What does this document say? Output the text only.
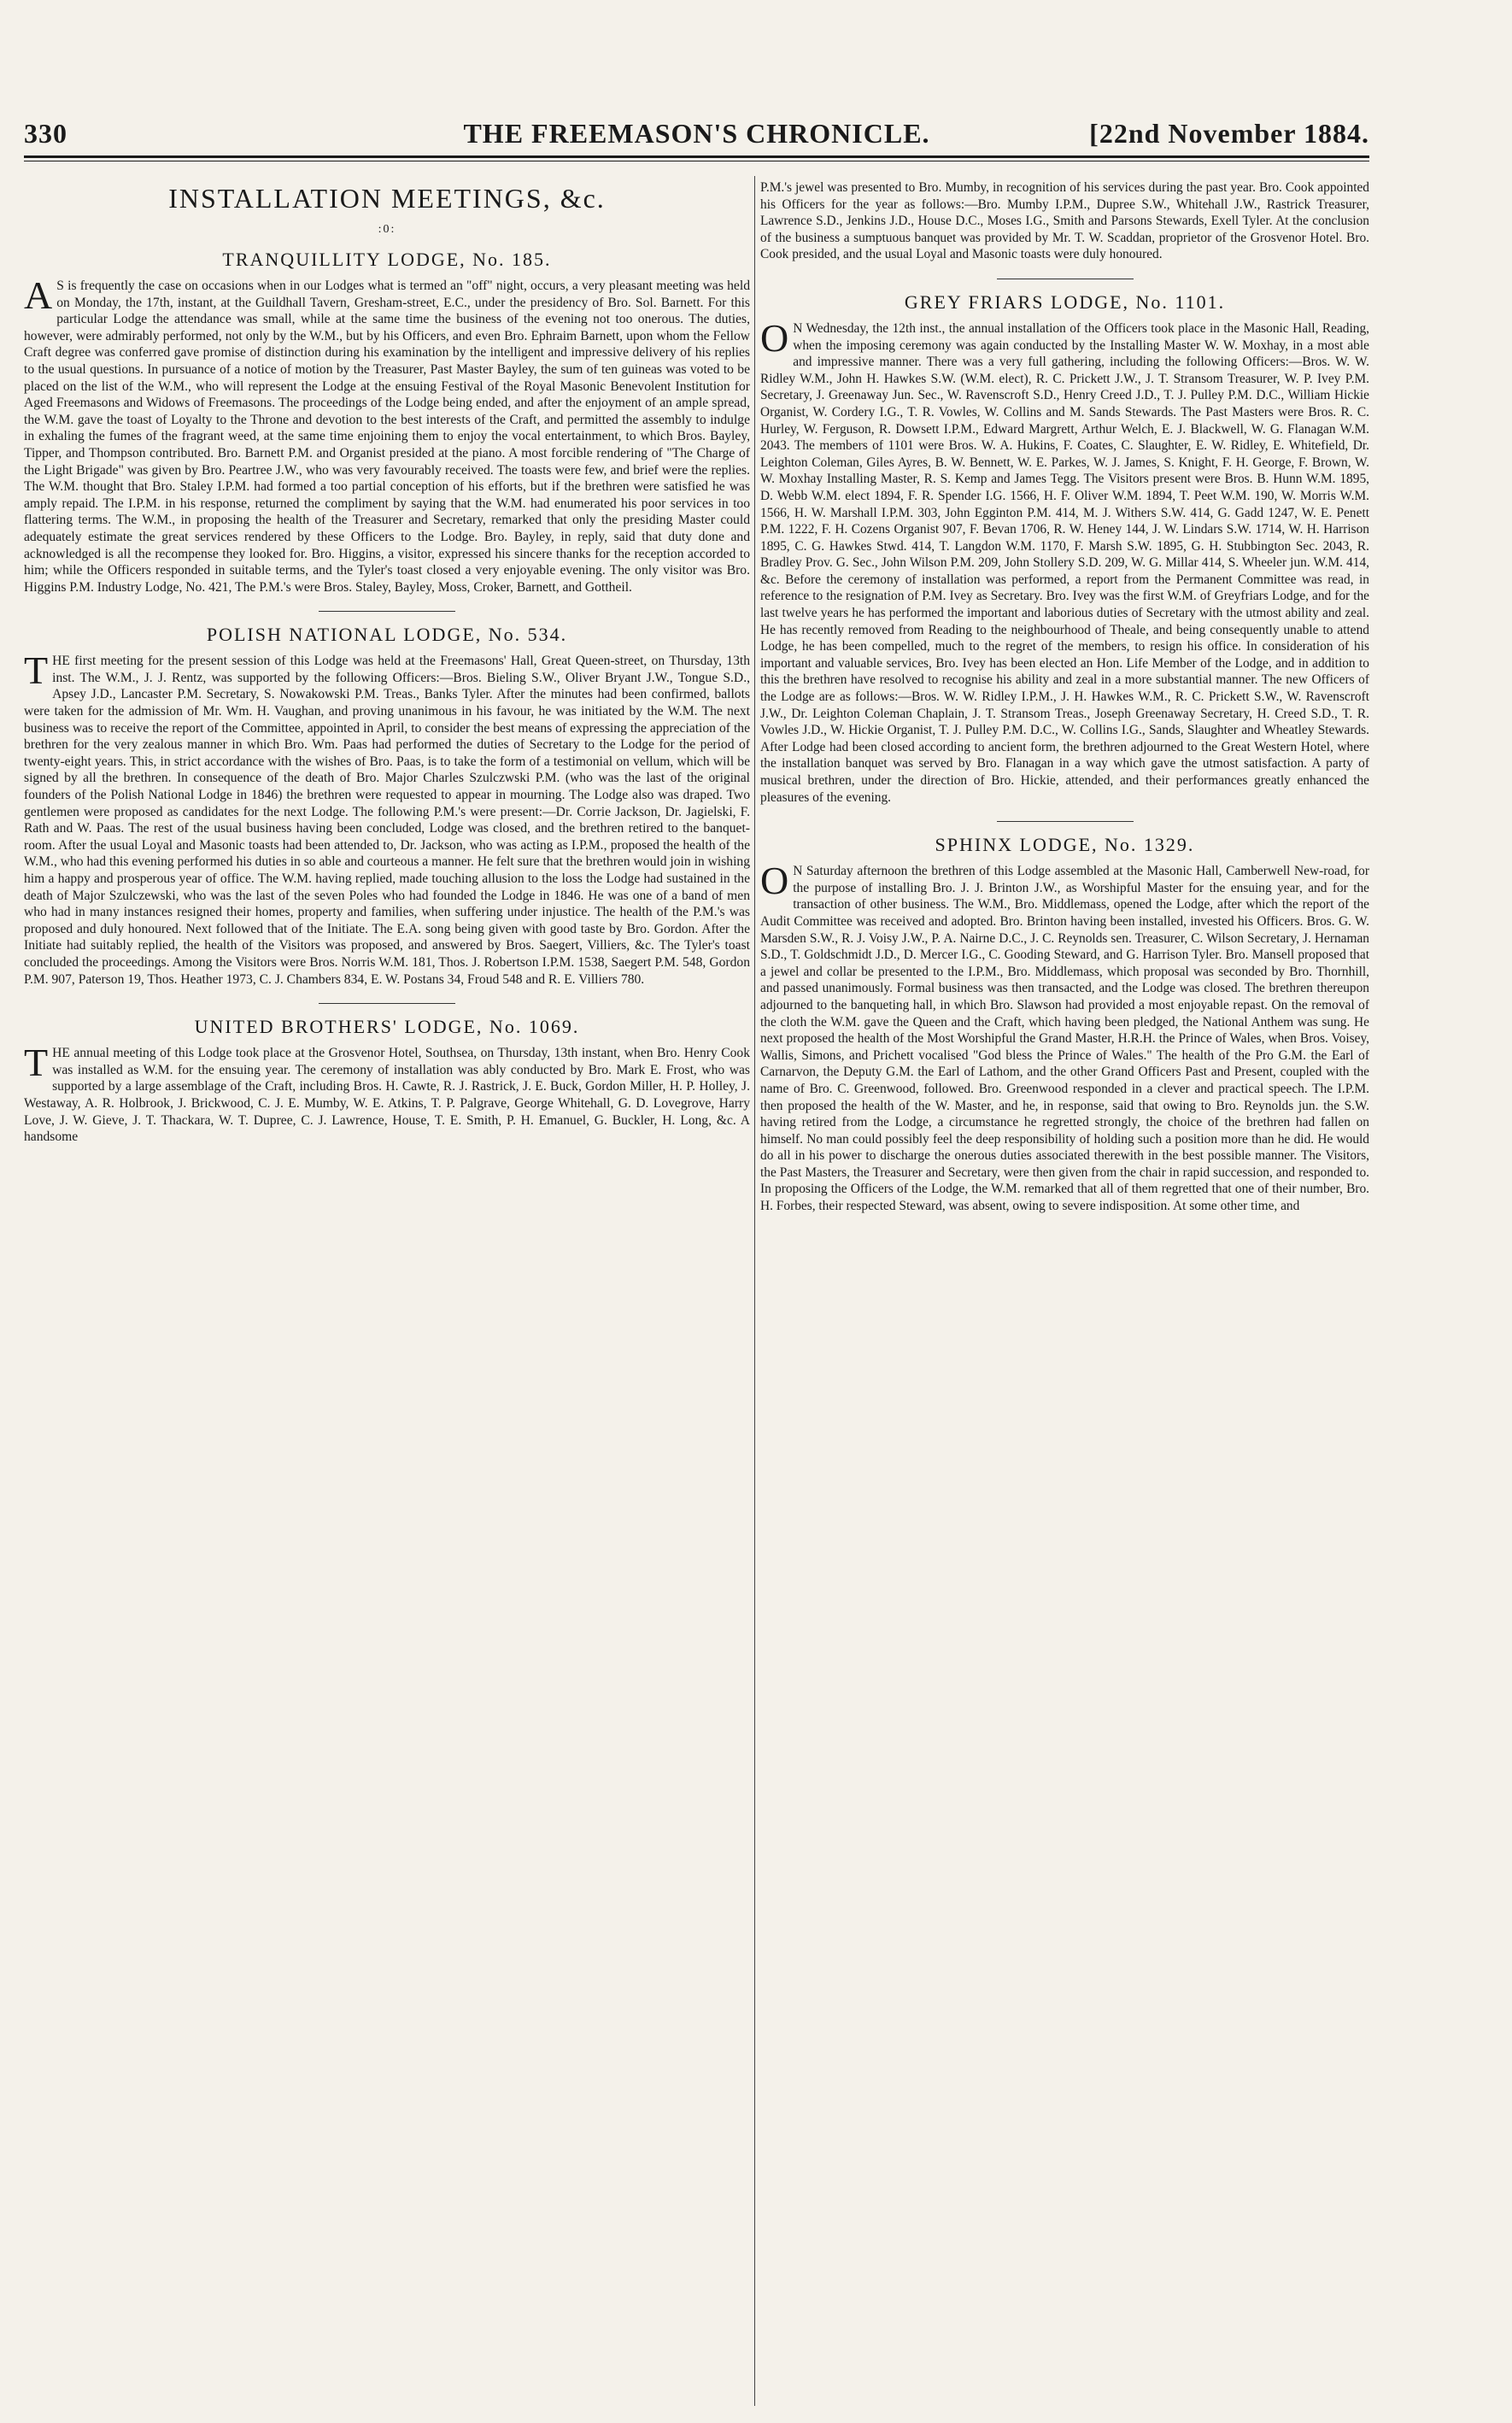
330	THE FREEMASON'S CHRONICLE.	[22nd November 1884.
INSTALLATION MEETINGS, &c.
:0:
TRANQUILLITY LODGE, No. 185.

AS is frequently the case on occasions when in our Lodges what is termed an "off" night, occurs, a very pleasant meeting was held on Monday, the 17th, instant, at the Guildhall Tavern, Gresham-street, E.C., under the presidency of Bro. Sol. Barnett. For this particular Lodge the attendance was small, while at the same time the business of the evening not too onerous. The duties, however, were admirably performed, not only by the W.M., but by his Officers, and even Bro. Ephraim Barnett, upon whom the Fellow Craft degree was conferred gave promise of distinction during his examination by the intelligent and impressive delivery of his replies to the usual questions. In pursuance of a notice of motion by the Treasurer, Past Master Bayley, the sum of ten guineas was voted to be placed on the list of the W.M., who will represent the Lodge at the ensuing Festival of the Royal Masonic Benevolent Institution for Aged Freemasons and Widows of Freemasons. The proceedings of the Lodge being ended, and after the enjoyment of an ample spread, the W.M. gave the toast of Loyalty to the Throne and devotion to the best interests of the Craft, and permitted the assembly to indulge in exhaling the fumes of the fragrant weed, at the same time enjoining them to enjoy the vocal entertainment, to which Bros. Bayley, Tipper, and Thompson contributed. Bro. Barnett P.M. and Organist presided at the piano. A most forcible rendering of "The Charge of the Light Brigade" was given by Bro. Peartree J.W., who was very favourably received. The toasts were few, and brief were the replies. The W.M. thought that Bro. Staley I.P.M. had formed a too partial conception of his efforts, but if the brethren were satisfied he was amply repaid. The I.P.M. in his response, returned the compliment by saying that the W.M. had enumerated his poor services in too flattering terms. The W.M., in proposing the health of the Treasurer and Secretary, remarked that only the presiding Master could adequately estimate the great services rendered by these Officers to the Lodge. Bro. Bayley, in reply, said that duty done and acknowledged is all the recompense they looked for. Bro. Higgins, a visitor, expressed his sincere thanks for the reception accorded to him; while the Officers responded in suitable terms, and the Tyler's toast closed a very enjoyable evening. The only visitor was Bro. Higgins P.M. Industry Lodge, No. 421, The P.M.'s were Bros. Staley, Bayley, Moss, Croker, Barnett, and Gottheil.

POLISH NATIONAL LODGE, No. 534.

THE first meeting for the present session of this Lodge was held at the Freemasons' Hall, Great Queen-street, on Thursday, 13th inst. The W.M., J. J. Rentz, was supported by the following Officers:—Bros. Bieling S.W., Oliver Bryant J.W., Tongue S.D., Apsey J.D., Lancaster P.M. Secretary, S. Nowakowski P.M. Treas., Banks Tyler. After the minutes had been confirmed, ballots were taken for the admission of Mr. Wm. H. Vaughan, and proving unanimous in his favour, he was initiated by the W.M. The next business was to receive the report of the Committee, appointed in April, to consider the best means of expressing the appreciation of the brethren for the very zealous manner in which Bro. Wm. Paas had performed the duties of Secretary to the Lodge for the period of twenty-eight years. This, in strict accordance with the wishes of Bro. Paas, is to take the form of a testimonial on vellum, which will be signed by all the brethren. In consequence of the death of Bro. Major Charles Szulczwski P.M. (who was the last of the original founders of the Polish National Lodge in 1846) the brethren were requested to appear in mourning. The Lodge also was draped. Two gentlemen were proposed as candidates for the next Lodge. The following P.M.'s were present:—Dr. Corrie Jackson, Dr. Jagielski, F. Rath and W. Paas. The rest of the usual business having been concluded, Lodge was closed, and the brethren retired to the banquet-room. After the usual Loyal and Masonic toasts had been attended to, Dr. Jackson, who was acting as I.P.M., proposed the health of the W.M., who had this evening performed his duties in so able and courteous a manner. He felt sure that the brethren would join in wishing him a happy and prosperous year of office. The W.M. having replied, made touching allusion to the loss the Lodge had sustained in the death of Major Szulczewski, who was the last of the seven Poles who had founded the Lodge in 1846. He was one of a band of men who had in many instances resigned their homes, property and families, when suffering under injustice. The health of the P.M.'s was proposed and duly honoured. Next followed that of the Initiate. The E.A. song being given with good taste by Bro. Gordon. After the Initiate had suitably replied, the health of the Visitors was proposed, and answered by Bros. Saegert, Villiers, &c. The Tyler's toast concluded the proceedings. Among the Visitors were Bros. Norris W.M. 181, Thos. J. Robertson I.P.M. 1538, Saegert P.M. 548, Gordon P.M. 907, Paterson 19, Thos. Heather 1973, C. J. Chambers 834, E. W. Postans 34, Froud 548 and R. E. Villiers 780.

UNITED BROTHERS' LODGE, No. 1069.

THE annual meeting of this Lodge took place at the Grosvenor Hotel, Southsea, on Thursday, 13th instant, when Bro. Henry Cook was installed as W.M. for the ensuing year. The ceremony of installation was ably conducted by Bro. Mark E. Frost, who was supported by a large assemblage of the Craft, including Bros. H. Cawte, R. J. Rastrick, J. E. Buck, Gordon Miller, H. P. Holley, J. Westaway, A. R. Holbrook, J. Brickwood, C. J. E. Mumby, W. E. Atkins, T. P. Palgrave, George Whitehall, G. D. Lovegrove, Harry Love, J. W. Gieve, J. T. Thackara, W. T. Dupree, C. J. Lawrence, House, T. E. Smith, P. H. Emanuel, G. Buckler, H. Long, &c. A handsome

P.M.'s jewel was presented to Bro. Mumby, in recognition of his services during the past year. Bro. Cook appointed his Officers for the year as follows:—Bro. Mumby I.P.M., Dupree S.W., Whitehall J.W., Rastrick Treasurer, Lawrence S.D., Jenkins J.D., House D.C., Moses I.G., Smith and Parsons Stewards, Exell Tyler. At the conclusion of the business a sumptuous banquet was provided by Mr. T. W. Scaddan, proprietor of the Grosvenor Hotel. Bro. Cook presided, and the usual Loyal and Masonic toasts were duly honoured.

GREY FRIARS LODGE, No. 1101.

ON Wednesday, the 12th inst., the annual installation of the Officers took place in the Masonic Hall, Reading, when the imposing ceremony was again conducted by the Installing Master W. W. Moxhay, in a most able and impressive manner. There was a very full gathering, including the following Officers:—Bros. W. W. Ridley W.M., John H. Hawkes S.W. (W.M. elect), R. C. Prickett J.W., J. T. Stransom Treasurer, W. P. Ivey P.M. Secretary, J. Greenaway Jun. Sec., W. Ravenscroft S.D., Henry Creed J.D., T. J. Pulley P.M. D.C., William Hickie Organist, W. Cordery I.G., T. R. Vowles, W. Collins and M. Sands Stewards. The Past Masters were Bros. R. C. Hurley, W. Ferguson, R. Dowsett I.P.M., Edward Margrett, Arthur Welch, E. J. Blackwell, W. G. Flanagan W.M. 2043. The members of 1101 were Bros. W. A. Hukins, F. Coates, C. Slaughter, E. W. Ridley, E. Whitefield, Dr. Leighton Coleman, Giles Ayres, B. W. Bennett, W. E. Parkes, W. J. James, S. Knight, F. H. George, F. Brown, W. W. Moxhay Installing Master, R. S. Kemp and James Tegg. The Visitors present were Bros. B. Hunn W.M. 1895, D. Webb W.M. elect 1894, F. R. Spender I.G. 1566, H. F. Oliver W.M. 1894, T. Peet W.M. 190, W. Morris W.M. 1566, H. W. Marshall I.P.M. 303, John Egginton P.M. 414, M. J. Withers S.W. 414, G. Gadd 1247, W. E. Penett P.M. 1222, F. H. Cozens Organist 907, F. Bevan 1706, R. W. Heney 144, J. W. Lindars S.W. 1714, W. H. Harrison 1895, C. G. Hawkes Stwd. 414, T. Langdon W.M. 1170, F. Marsh S.W. 1895, G. H. Stubbington Sec. 2043, R. Bradley Prov. G. Sec., John Wilson P.M. 209, John Stollery S.D. 209, W. G. Millar 414, S. Wheeler jun. W.M. 414, &c. Before the ceremony of installation was performed, a report from the Permanent Committee was read, in reference to the resignation of P.M. Ivey as Secretary. Bro. Ivey was the first W.M. of Greyfriars Lodge, and for the last twelve years he has performed the important and laborious duties of Secretary with the utmost ability and zeal. He has recently removed from Reading to the neighbourhood of Theale, and being consequently unable to attend Lodge, he has been compelled, much to the regret of the members, to resign his office. In consideration of his important and valuable services, Bro. Ivey has been elected an Hon. Life Member of the Lodge, and in addition to this the brethren have resolved to recognise his ability and zeal in a more substantial manner. The new Officers of the Lodge are as follows:—Bros. W. W. Ridley I.P.M., J. H. Hawkes W.M., R. C. Prickett S.W., W. Ravenscroft J.W., Dr. Leighton Coleman Chaplain, J. T. Stransom Treas., Joseph Greenaway Secretary, H. Creed S.D., T. R. Vowles J.D., W. Hickie Organist, T. J. Pulley P.M. D.C., W. Collins I.G., Sands, Slaughter and Wheatley Stewards. After Lodge had been closed according to ancient form, the brethren adjourned to the Great Western Hotel, where the installation banquet was served by Bro. Flanagan in a way which gave the utmost satisfaction. A party of musical brethren, under the direction of Bro. Hickie, attended, and their performances greatly enhanced the pleasures of the evening.

SPHINX LODGE, No. 1329.

ON Saturday afternoon the brethren of this Lodge assembled at the Masonic Hall, Camberwell New-road, for the purpose of installing Bro. J. J. Brinton J.W., as Worshipful Master for the ensuing year, and for the transaction of other business. The W.M., Bro. Middlemass, opened the Lodge, after which the report of the Audit Committee was received and adopted. Bro. Brinton having been installed, invested his Officers. Bros. G. W. Marsden S.W., R. J. Voisy J.W., P. A. Nairne D.C., J. C. Reynolds sen. Treasurer, C. Wilson Secretary, J. Hernaman S.D., T. Goldschmidt J.D., D. Mercer I.G., C. Gooding Steward, and G. Harrison Tyler. Bro. Mansell proposed that a jewel and collar be presented to the I.P.M., Bro. Middlemass, which proposal was seconded by Bro. Thornhill, and passed unanimously. Formal business was then transacted, and the Lodge was closed. The brethren thereupon adjourned to the banqueting hall, in which Bro. Slawson had provided a most enjoyable repast. On the removal of the cloth the W.M. gave the Queen and the Craft, which having been pledged, the National Anthem was sung. He next proposed the health of the Most Worshipful the Grand Master, H.R.H. the Prince of Wales, when Bros. Voisey, Wallis, Simons, and Prichett vocalised "God bless the Prince of Wales." The health of the Pro G.M. the Earl of Carnarvon, the Deputy G.M. the Earl of Lathom, and the other Grand Officers Past and Present, coupled with the name of Bro. C. Greenwood, followed. Bro. Greenwood responded in a clever and practical speech. The I.P.M. then proposed the health of the W. Master, and he, in response, said that owing to Bro. Reynolds jun. the S.W. having retired from the Lodge, a circumstance he regretted strongly, the choice of the brethren had fallen on himself. No man could possibly feel the deep responsibility of holding such a position more than he did. He would do all in his power to discharge the onerous duties associated therewith in the best possible manner. The Visitors, the Past Masters, the Treasurer and Secretary, were then given from the chair in rapid succession, and responded to. In proposing the Officers of the Lodge, the W.M. remarked that all of them regretted that one of their number, Bro. H. Forbes, their respected Steward, was absent, owing to severe indisposition. At some other time, and
